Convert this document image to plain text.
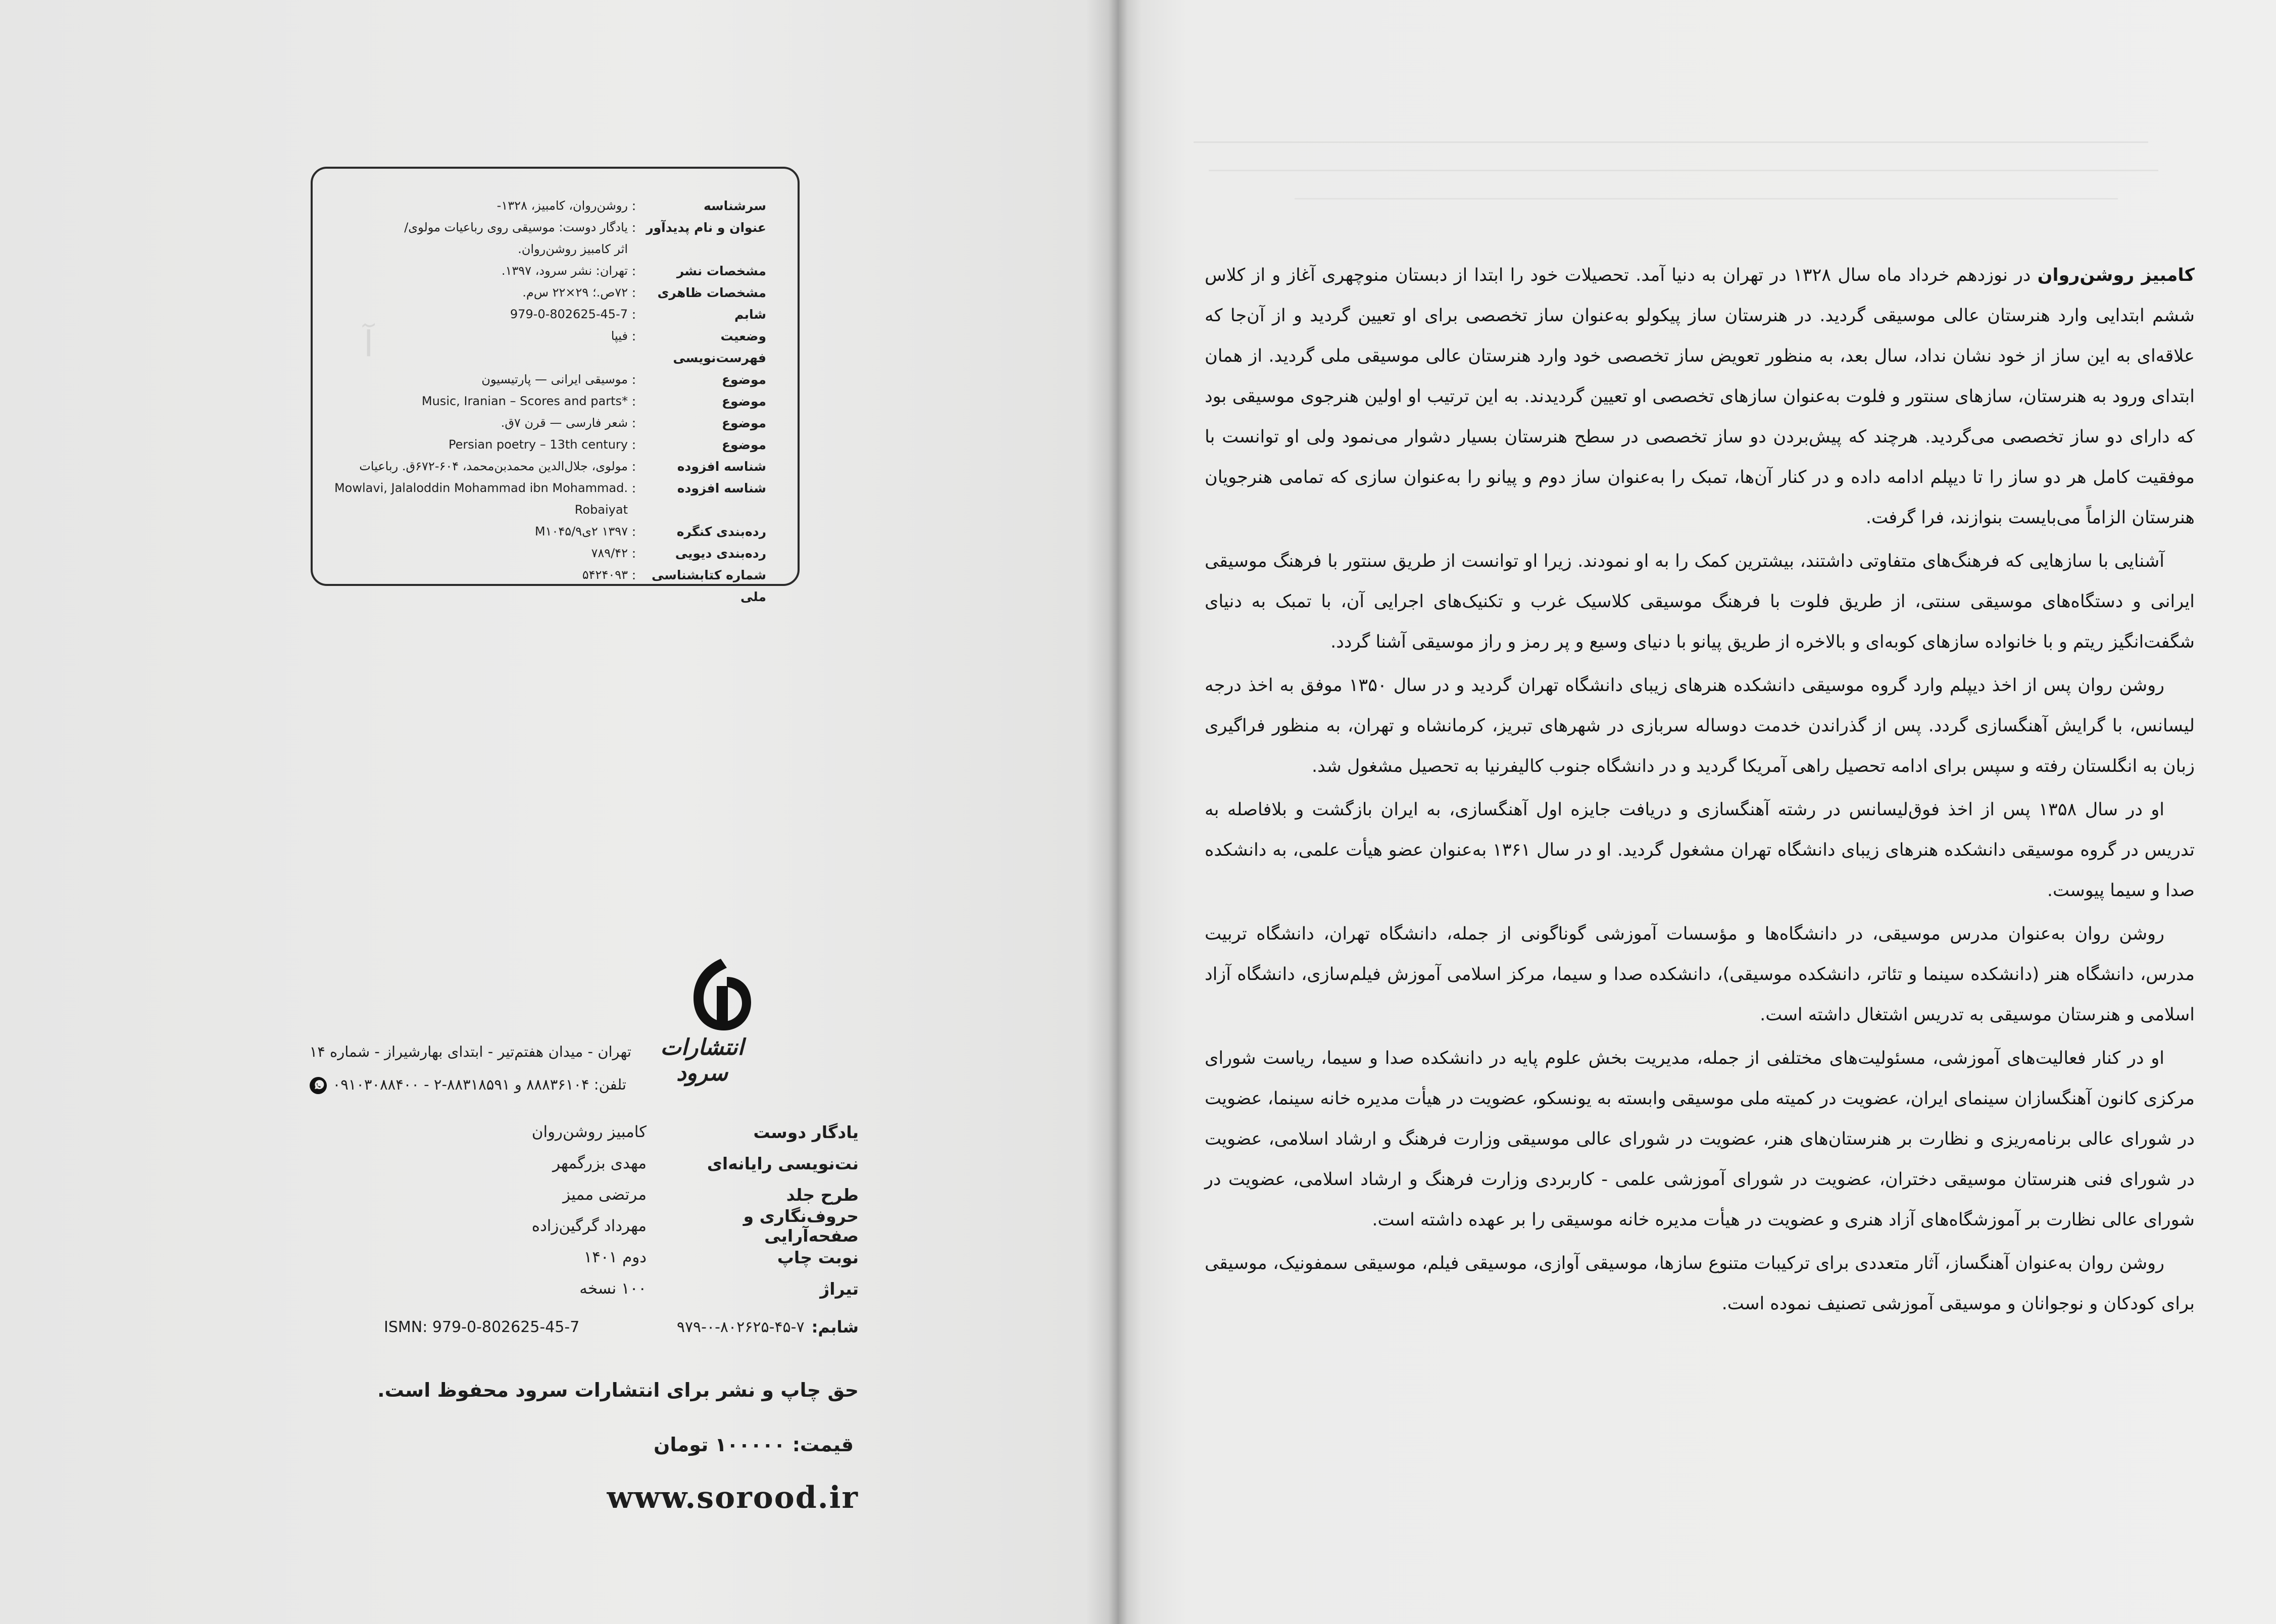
آ
سرشناسه
:
روشن‌روان، کامبیز، ۱۳۲۸-
عنوان و نام پدیدآور
:
یادگار دوست: موسیقی روی رباعیات مولوی/
اثر کامبیز روشن‌روان.
مشخصات نشر
:
تهران: نشر سرود، ۱۳۹۷.
مشخصات ظاهری
:
۷۲ص.؛ ۲۹×۲۲ س‌م.
شابم
:
979-0-802625-45-7
وضعیت فهرست‌نویسی
:
فیپا
موضوع
:
موسیقی ایرانی — پارتیسیون
موضوع
:
Music, Iranian – Scores and parts*
موضوع
:
شعر فارسی — قرن ۷ق.
موضوع
:
Persian poetry – 13th century
شناسه افزوده
:
مولوی، جلال‌الدین محمدبن‌محمد، ۶۰۴-۶۷۲ق. رباعیات
شناسه افزوده
:
Mowlavi, Jalaloddin Mohammad ibn Mohammad. Robaiyat
رده‌بندی کنگره
:
۱۳۹۷ ۲ی۹/M۱۰۴۵
رده‌بندی دیویی
:
۷۸۹/۴۲
شماره کتابشناسی ملی
:
۵۴۲۴۰۹۳
انتشارات سرود
تهران - میدان هفتم‌تیر - ابتدای بهارشیراز - شماره ۱۴
تلفن: ۸۸۸۳۶۱۰۴ و ۸۸۳۱۸۵۹۱-۲ - ۰۹۱۰۳۰۸۸۴۰۰
یادگار دوست
کامبیز روشن‌روان
نت‌نویسی رایانه‌ای
مهدی بزرگمهر
طرح جلد
مرتضی ممیز
حروف‌نگاری و صفحه‌آرایی
مهرداد گرگین‌زاده
نوبت چاپ
دوم ۱۴۰۱
تیراژ
۱۰۰ نسخه
شابم:
۹۷۹-۰-۸۰۲۶۲۵-۴۵-۷
ISMN: 979-0-802625-45-7
حق چاپ و نشر برای انتشارات سرود محفوظ است.
قیمت:۱۰۰۰۰۰ تومان
www.sorood.ir

کامبیز روشن‌روان در نوزدهم خرداد ماه سال ۱۳۲۸ در تهران به دنیا آمد. تحصیلات خود را ابتدا از دبستان منوچهری آغاز و از کلاس ششم ابتدایی وارد هنرستان عالی موسیقی گردید. در هنرستان ساز پیکولو به‌عنوان ساز تخصصی برای او تعیین گردید و از آن‌جا که علاقه‌ای به این ساز از خود نشان نداد، سال بعد، به منظور تعویض ساز تخصصی خود وارد هنرستان عالی موسیقی ملی گردید. از همان ابتدای ورود به هنرستان، سازهای سنتور و فلوت به‌عنوان سازهای تخصصی او تعیین گردیدند. به این ترتیب او اولین هنرجوی موسیقی بود که دارای دو ساز تخصصی می‌گردید. هرچند که پیش‌بردن دو ساز تخصصی در سطح هنرستان بسیار دشوار می‌نمود ولی او توانست با موفقیت کامل هر دو ساز را تا دیپلم ادامه داده و در کنار آن‌ها، تمبک را به‌عنوان ساز دوم و پیانو را به‌عنوان سازی که تمامی هنرجویان هنرستان الزاماً می‌بایست بنوازند، فرا گرفت.

آشنایی با سازهایی که فرهنگ‌های متفاوتی داشتند، بیشترین کمک را به او نمودند. زیرا او توانست از طریق سنتور با فرهنگ موسیقی ایرانی و دستگاه‌های موسیقی سنتی، از طریق فلوت با فرهنگ موسیقی کلاسیک غرب و تکنیک‌های اجرایی آن، با تمبک به دنیای شگفت‌انگیز ریتم و با خانواده سازهای کوبه‌ای و بالاخره از طریق پیانو با دنیای وسیع و پر رمز و راز موسیقی آشنا گردد.

روشن روان پس از اخذ دیپلم وارد گروه موسیقی دانشکده هنرهای زیبای دانشگاه تهران گردید و در سال ۱۳۵۰ موفق به اخذ درجه لیسانس، با گرایش آهنگسازی گردد. پس از گذراندن خدمت دوساله سربازی در شهرهای تبریز، کرمانشاه و تهران، به منظور فراگیری زبان به انگلستان رفته و سپس برای ادامه تحصیل راهی آمریکا گردید و در دانشگاه جنوب کالیفرنیا به تحصیل مشغول شد.

او در سال ۱۳۵۸ پس از اخذ فوق‌لیسانس در رشته آهنگسازی و دریافت جایزه اول آهنگسازی، به ایران بازگشت و بلافاصله به تدریس در گروه موسیقی دانشکده هنرهای زیبای دانشگاه تهران مشغول گردید. او در سال ۱۳۶۱ به‌عنوان عضو هیأت علمی، به دانشکده صدا و سیما پیوست.

روشن روان به‌عنوان مدرس موسیقی، در دانشگاه‌ها و مؤسسات آموزشی گوناگونی از جمله، دانشگاه تهران، دانشگاه تربیت مدرس، دانشگاه هنر (دانشکده سینما و تئاتر، دانشکده موسیقی)، دانشکده صدا و سیما، مرکز اسلامی آموزش فیلم‌سازی، دانشگاه آزاد اسلامی و هنرستان موسیقی به تدریس اشتغال داشته است.

او در کنار فعالیت‌های آموزشی، مسئولیت‌های مختلفی از جمله، مدیریت بخش علوم پایه در دانشکده صدا و سیما، ریاست شورای مرکزی کانون آهنگسازان سینمای ایران، عضویت در کمیته ملی موسیقی وابسته به یونسکو، عضویت در هیأت مدیره خانه سینما، عضویت در شورای عالی برنامه‌ریزی و نظارت بر هنرستان‌های هنر، عضویت در شورای عالی موسیقی وزارت فرهنگ و ارشاد اسلامی، عضویت در شورای فنی هنرستان موسیقی دختران، عضویت در شورای آموزشی علمی - کاربردی وزارت فرهنگ و ارشاد اسلامی، عضویت در شورای عالی نظارت بر آموزشگاه‌های آزاد هنری و عضویت در هیأت مدیره خانه موسیقی را بر عهده داشته است.

روشن روان به‌عنوان آهنگساز، آثار متعددی برای ترکیبات متنوع سازها، موسیقی آوازی، موسیقی فیلم، موسیقی سمفونیک، موسیقی برای کودکان و نوجوانان و موسیقی آموزشی تصنیف نموده است.
